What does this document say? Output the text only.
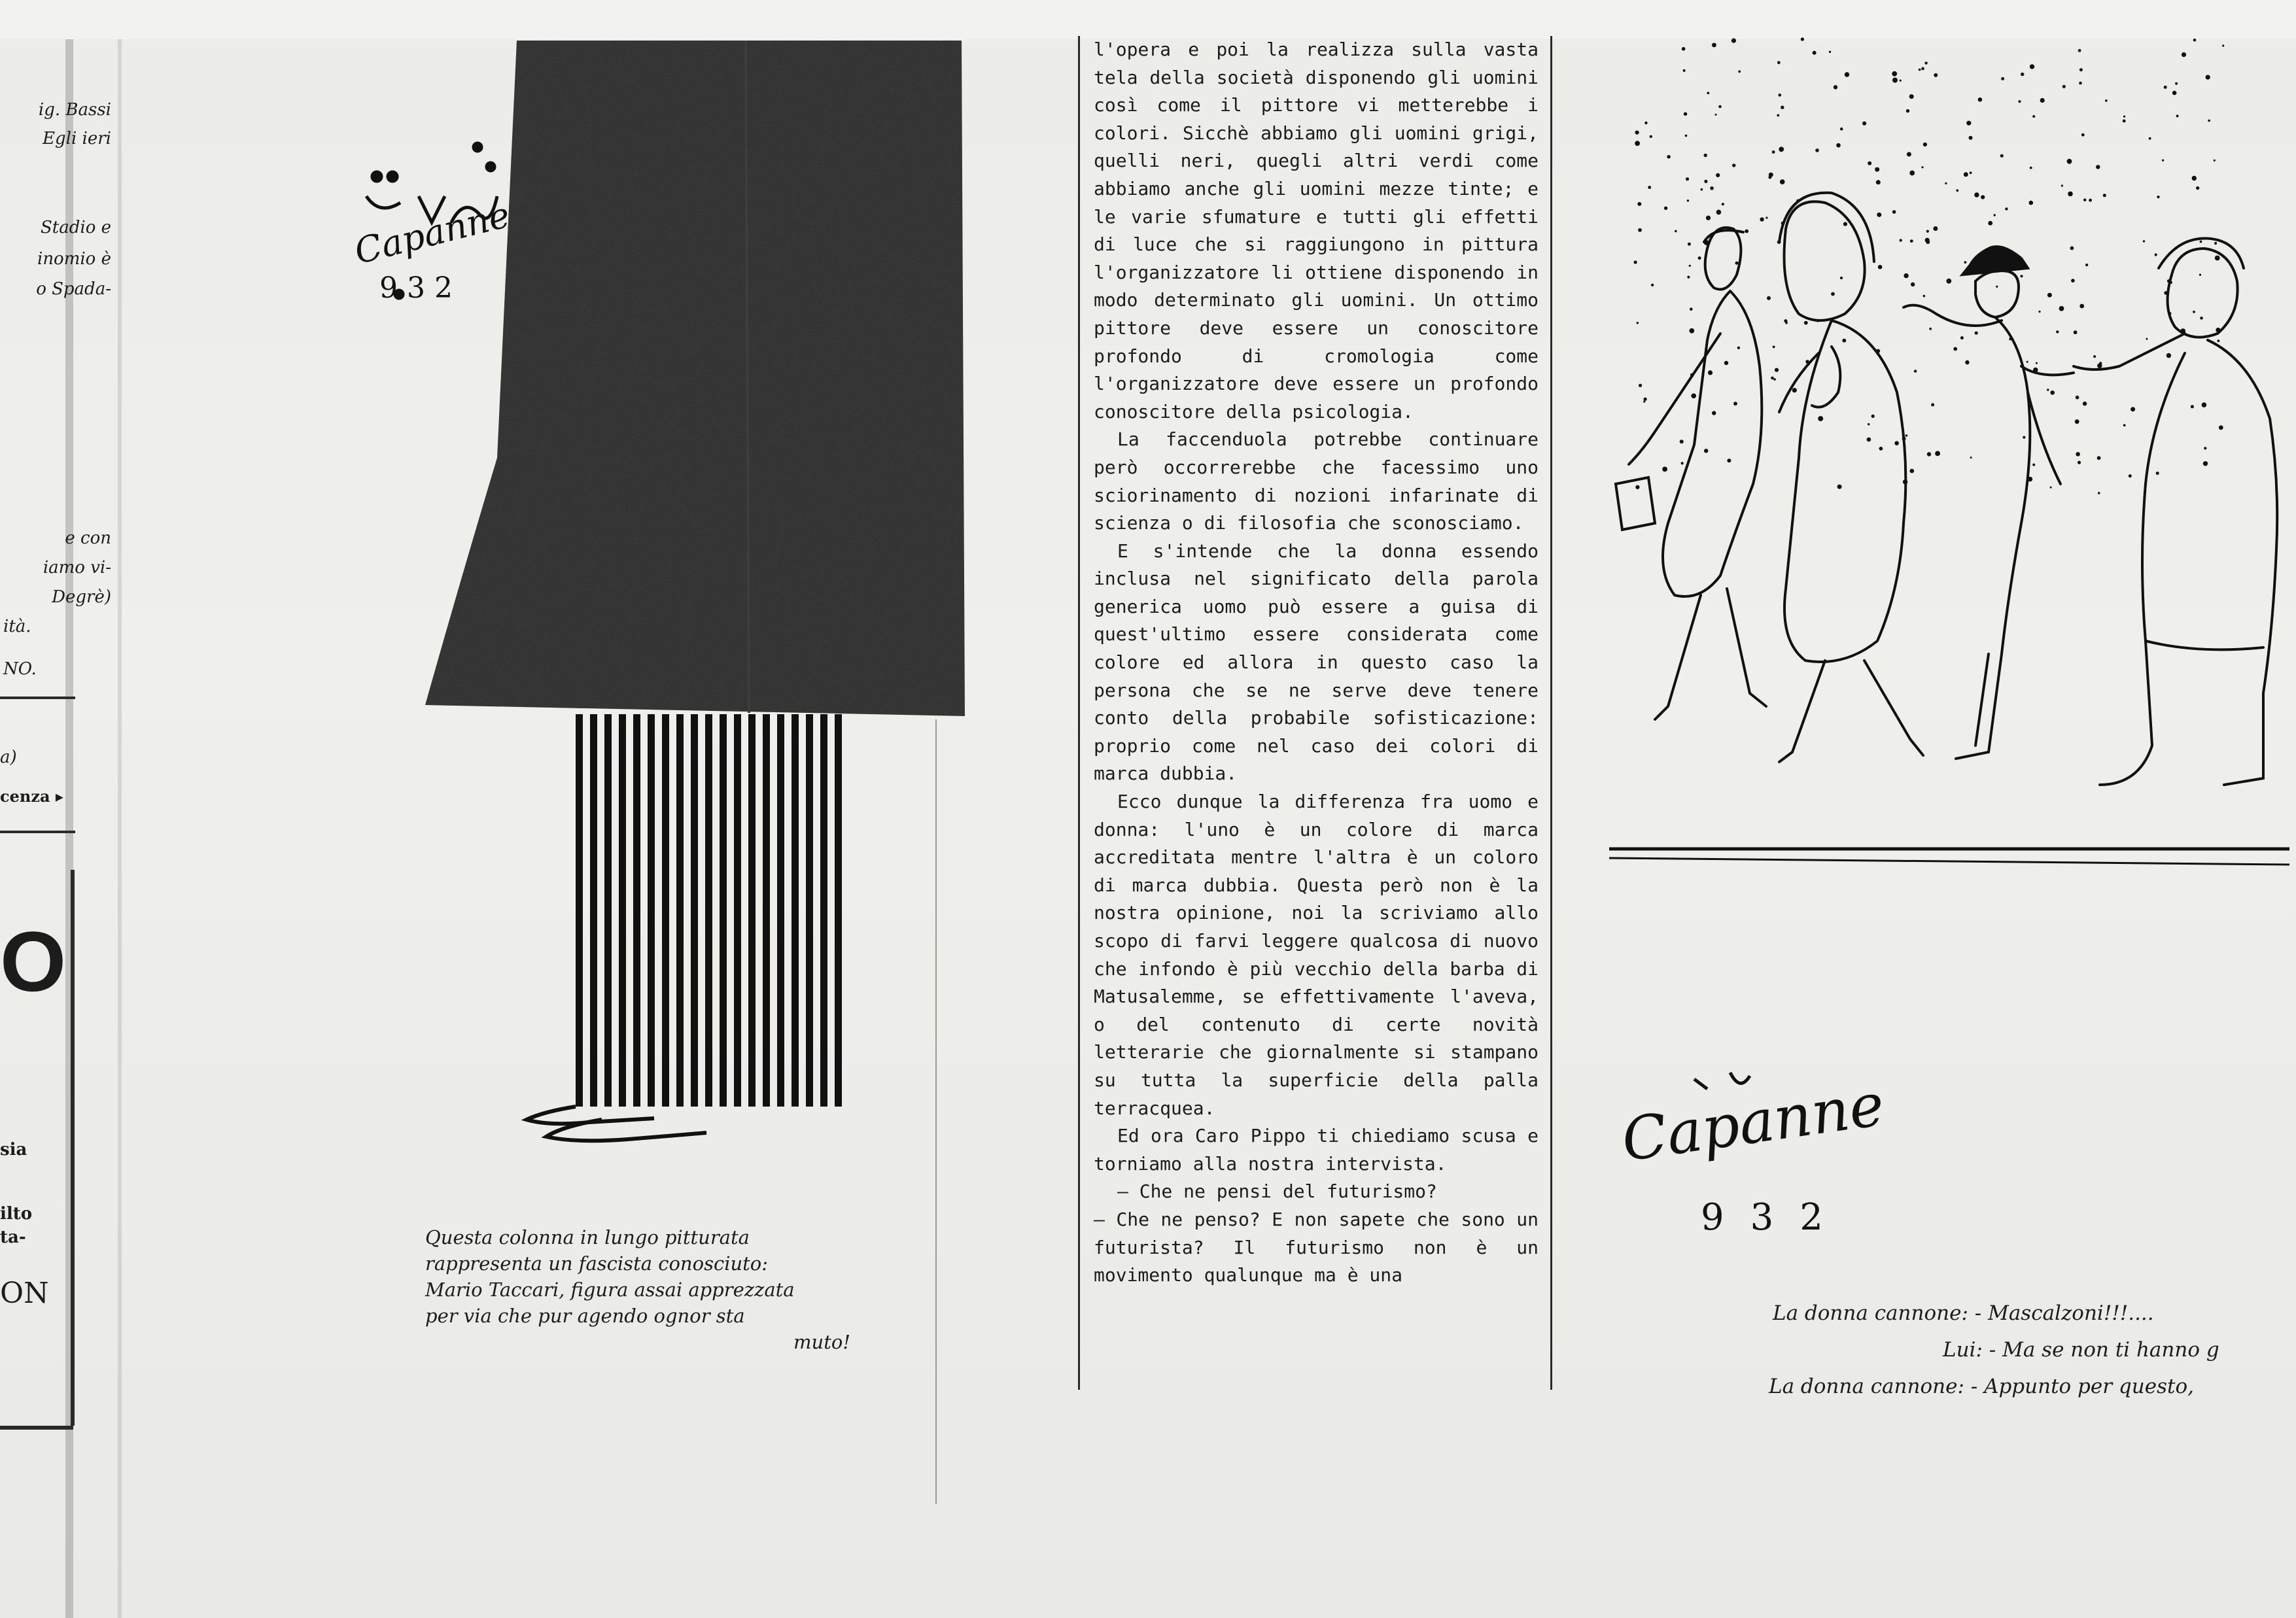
ig. Bassi
Egli ieri
Stadio e
inomio è
o Spada-
e con
iamo vi-
Degrè)
ità.
NO.
a)
cenza ▸
O
sia
ilto
ta-
ON
Capanne
932
Questa colonna in lungo pitturata
rappresenta un fascista conosciuto:
Mario Taccari, figura assai apprezzata
per via che pur agendo ognor sta
muto!

l'opera e poi la realizza sulla vasta tela della società disponendo gli uomini così come il pittore vi metterebbe i colori. Sicchè abbiamo gli uomini grigi, quelli neri, quegli altri verdi come abbiamo anche gli uomini mezze tinte; e le varie sfumature e tutti gli effetti di luce che si raggiungono in pittura l'organizzatore li ottiene disponendo in modo determinato gli uomini. Un ottimo pittore deve essere un conoscitore profondo di cromologia come l'organizzatore deve essere un profondo conoscitore della psicologia.

La faccenduola potrebbe continuare però occorrerebbe che facessimo uno sciorinamento di nozioni infarinate di scienza o di filosofia che sconosciamo.

E s'intende che la donna essendo inclusa nel significato della parola generica uomo può essere a guisa di quest'ultimo essere considerata come colore ed allora in questo caso la persona che se ne serve deve tenere conto della probabile sofisticazione: proprio come nel caso dei colori di marca dubbia.

Ecco dunque la differenza fra uomo e donna: l'uno è un colore di marca accreditata mentre l'altra è un coloro di marca dubbia. Questa però non è la nostra opinione, noi la scriviamo allo scopo di farvi leggere qualcosa di nuovo che infondo è più vecchio della barba di Matusalemme, se effettivamente l'aveva, o del contenuto di certe novità letterarie che giornalmente si stampano su tutta la superficie della palla terracquea.

Ed ora Caro Pippo ti chiediamo scusa e torniamo alla nostra intervista.

— Che ne pensi del futurismo?

— Che ne penso? E non sapete che sono un futurista? Il futurismo non è un movimento qualunque ma è una

Capanne
932
La donna cannone: - Mascalzoni!!!....
Lui: - Ma se non ti hanno g
La donna cannone: - Appunto per questo,
